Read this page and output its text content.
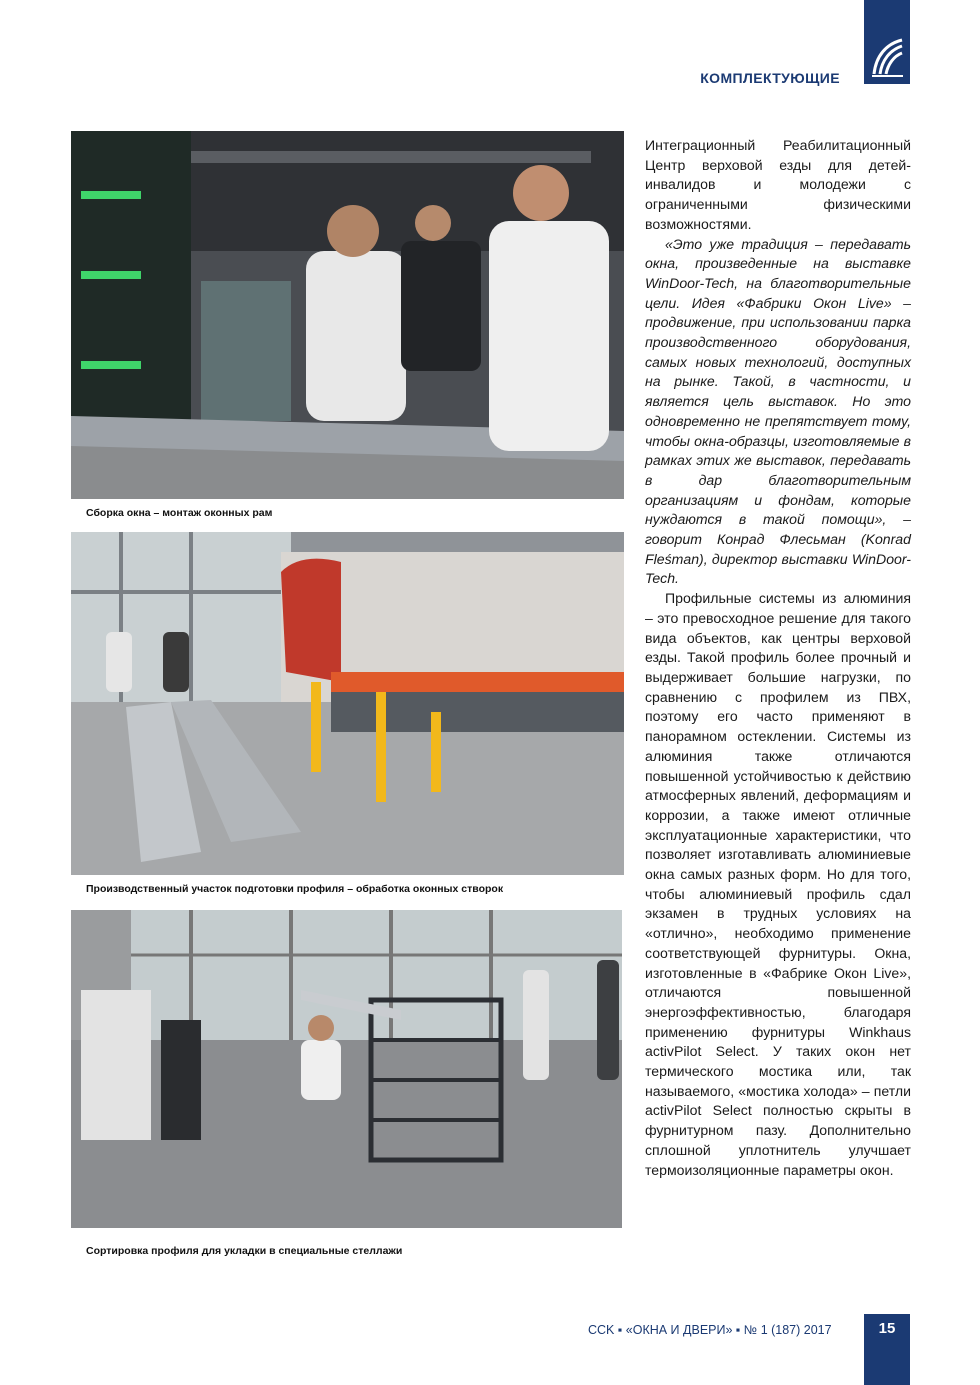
КОМПЛЕКТУЮЩИЕ
Сборка окна – монтаж оконных рам
Производственный участок подготовки профиля – обработка оконных створок
Сортировка профиля для укладки в специальные стеллажи

Интеграционный Реабилитационный Центр верховой езды для детей-инвалидов и молодежи с ограниченными физическими возможностями.

«Это уже традиция – передавать окна, произведенные на выставке WinDoor-Tech, на благотворительные цели. Идея «Фабрики Окон Live» – продвижение, при использовании парка производственного оборудования, самых новых технологий, доступных на рынке. Такой, в частности, и является цель выставок. Но это одновременно не препятствует тому, чтобы окна-образцы, изготовляемые в рамках этих же выставок, передавать в дар благотворительным организациям и фондам, которые нуждаются в такой помощи», – говорит Конрад Флесьман (Konrad Fleśman), директор выставки WinDoor-Tech.

Профильные системы из алюминия – это превосходное решение для такого вида объектов, как центры верховой езды. Такой профиль более прочный и выдерживает большие нагрузки, по сравнению с профилем из ПВХ, поэтому его часто применяют в панорамном остеклении. Системы из алюминия также отличаются повышенной устойчивостью к действию атмосферных явлений, деформациям и коррозии, а также имеют отличные эксплуатационные характеристики, что позволяет изготавливать алюминиевые окна самых разных форм. Но для того, чтобы алюминиевый профиль сдал экзамен в трудных условиях на «отлично», необходимо применение соответствующей фурнитуры. Окна, изготовленные в «Фабрике Окон Live», отличаются повышенной энергоэффективностью, благодаря применению фурнитуры Winkhaus activPilot Select. У таких окон нет термического мостика или, так называемого, «мостика холода» – петли activPilot Select полностью скрыты в фурнитурном пазу. Дополнительно сплошной уплотнитель улучшает термоизоляционные параметры окон.

CCK ▪ «ОКНА И ДВЕРИ» ▪ № 1 (187) 2017	15
